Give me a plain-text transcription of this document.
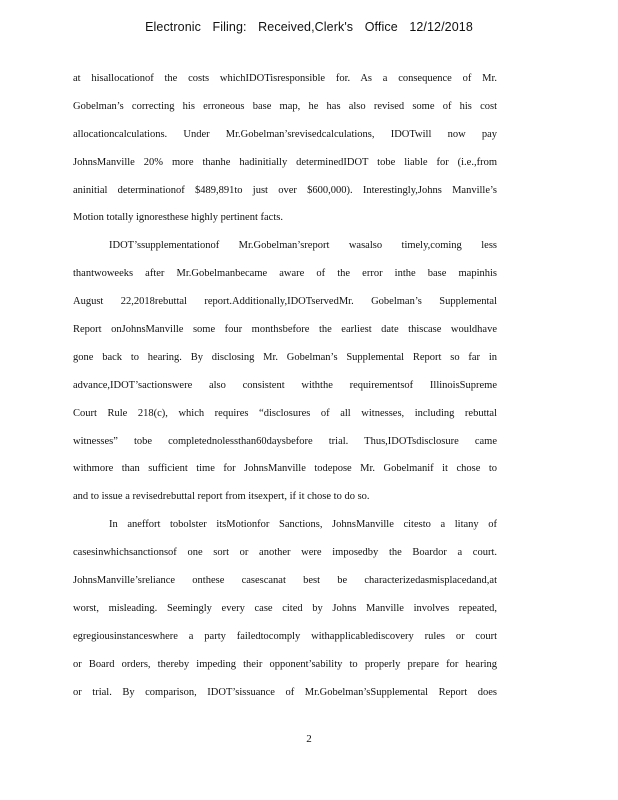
Electronic Filing: Received,Clerk's Office 12/12/2018
at hisallocationof the costs whichIDOTisresponsible for. As a consequence of Mr.
Gobelman’s correcting his erroneous base map, he has also revised some of his cost
allocationcalculations. Under Mr.Gobelman’srevisedcalculations, IDOTwill now pay
JohnsManville 20% more thanhe hadinitially determinedIDOT tobe liable for (i.e.,from
aninitial determinationof $489,891to just over $600,000). Interestingly,Johns Manville’s
Motion totally ignoresthese highly pertinent facts.
IDOT’ssupplementationof Mr.Gobelman’sreport wasalso timely,coming less
thantwoweeks after Mr.Gobelmanbecame aware of the error inthe base mapinhis
August 22,2018rebuttal report.Additionally,IDOTservedMr. Gobelman’s Supplemental
Report onJohnsManville some four monthsbefore the earliest date thiscase wouldhave
gone back to hearing. By disclosing Mr. Gobelman’s Supplemental Report so far in
advance,IDOT’sactionswere also consistent withthe requirementsof IllinoisSupreme
Court Rule 218(c), which requires “disclosures of all witnesses, including rebuttal
witnesses” tobe completednolessthan60daysbefore trial. Thus,IDOTsdisclosure came
withmore than sufficient time for JohnsManville todepose Mr. Gobelmanif it chose to
and to issue a revisedrebuttal report from itsexpert, if it chose to do so.
In aneffort tobolster itsMotionfor Sanctions, JohnsManville citesto a litany of
casesinwhichsanctionsof one sort or another were imposedby the Boardor a court.
JohnsManville’sreliance onthese casescanat best be characterizedasmisplacedand,at
worst, misleading. Seemingly every case cited by Johns Manville involves repeated,
egregiousinstanceswhere a party failedtocomply withapplicablediscovery rules or court
or Board orders, thereby impeding their opponent’sability to properly prepare for hearing
or trial. By comparison, IDOT’sissuance of Mr.Gobelman’sSupplemental Report does
2
